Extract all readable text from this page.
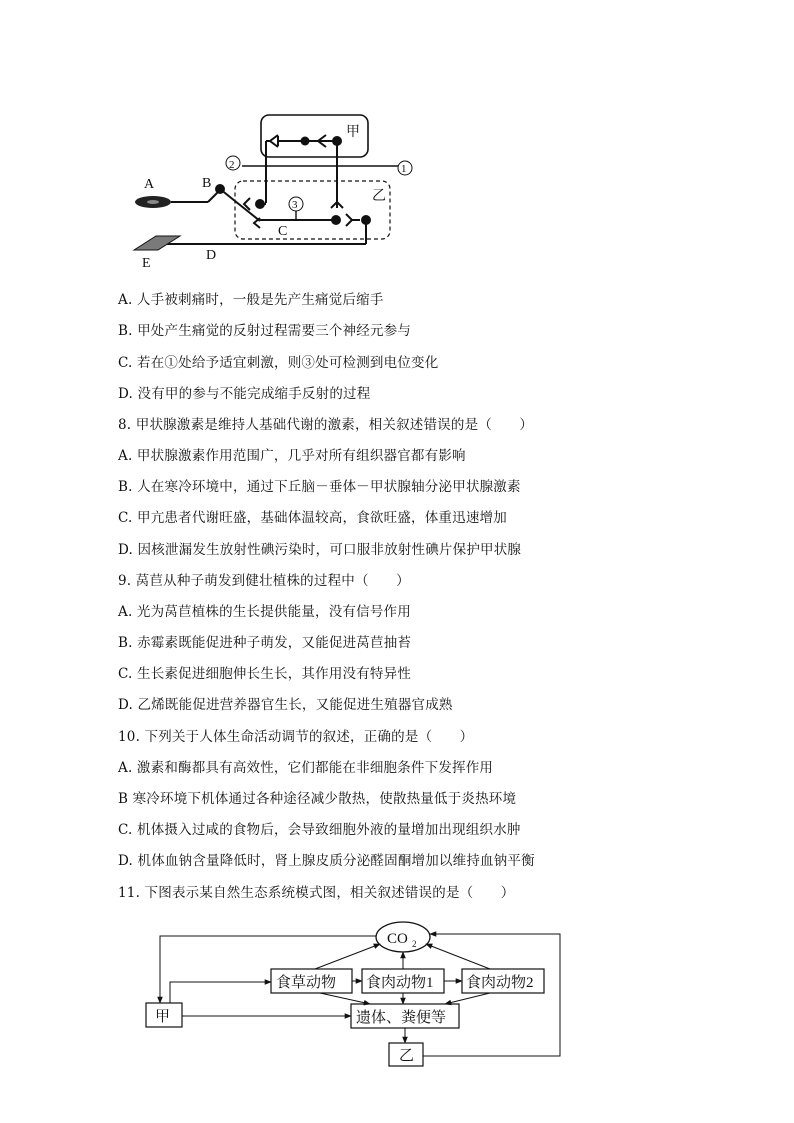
A	B
C
D
E
甲
乙
2	1
3
A. 人手被刺痛时，一般是先产生痛觉后缩手
B. 甲处产生痛觉的反射过程需要三个神经元参与
C. 若在①处给予适宜刺激，则③处可检测到电位变化
D. 没有甲的参与不能完成缩手反射的过程
8. 甲状腺激素是维持人基础代谢的激素，相关叙述错误的是（　　）
A. 甲状腺激素作用范围广，几乎对所有组织器官都有影响
B. 人在寒冷环境中，通过下丘脑－垂体－甲状腺轴分泌甲状腺激素
C. 甲亢患者代谢旺盛，基础体温较高，食欲旺盛，体重迅速增加
D. 因核泄漏发生放射性碘污染时，可口服非放射性碘片保护甲状腺
9. 莴苣从种子萌发到健壮植株的过程中（　　）
A. 光为莴苣植株的生长提供能量，没有信号作用
B. 赤霉素既能促进种子萌发，又能促进莴苣抽苔
C. 生长素促进细胞伸长生长，其作用没有特异性
D. 乙烯既能促进营养器官生长，又能促进生殖器官成熟
10. 下列关于人体生命活动调节的叙述，正确的是（　　）
A. 激素和酶都具有高效性，它们都能在非细胞条件下发挥作用
B 寒冷环境下机体通过各种途径减少散热，使散热量低于炎热环境
C. 机体摄入过咸的食物后，会导致细胞外液的量增加出现组织水肿
D. 机体血钠含量降低时，肾上腺皮质分泌醛固酮增加以维持血钠平衡
11. 下图表示某自然生态系统模式图，相关叙述错误的是（　　）
CO 2
食草动物 食肉动物1 食肉动物2
甲	遗体、粪便等
乙
